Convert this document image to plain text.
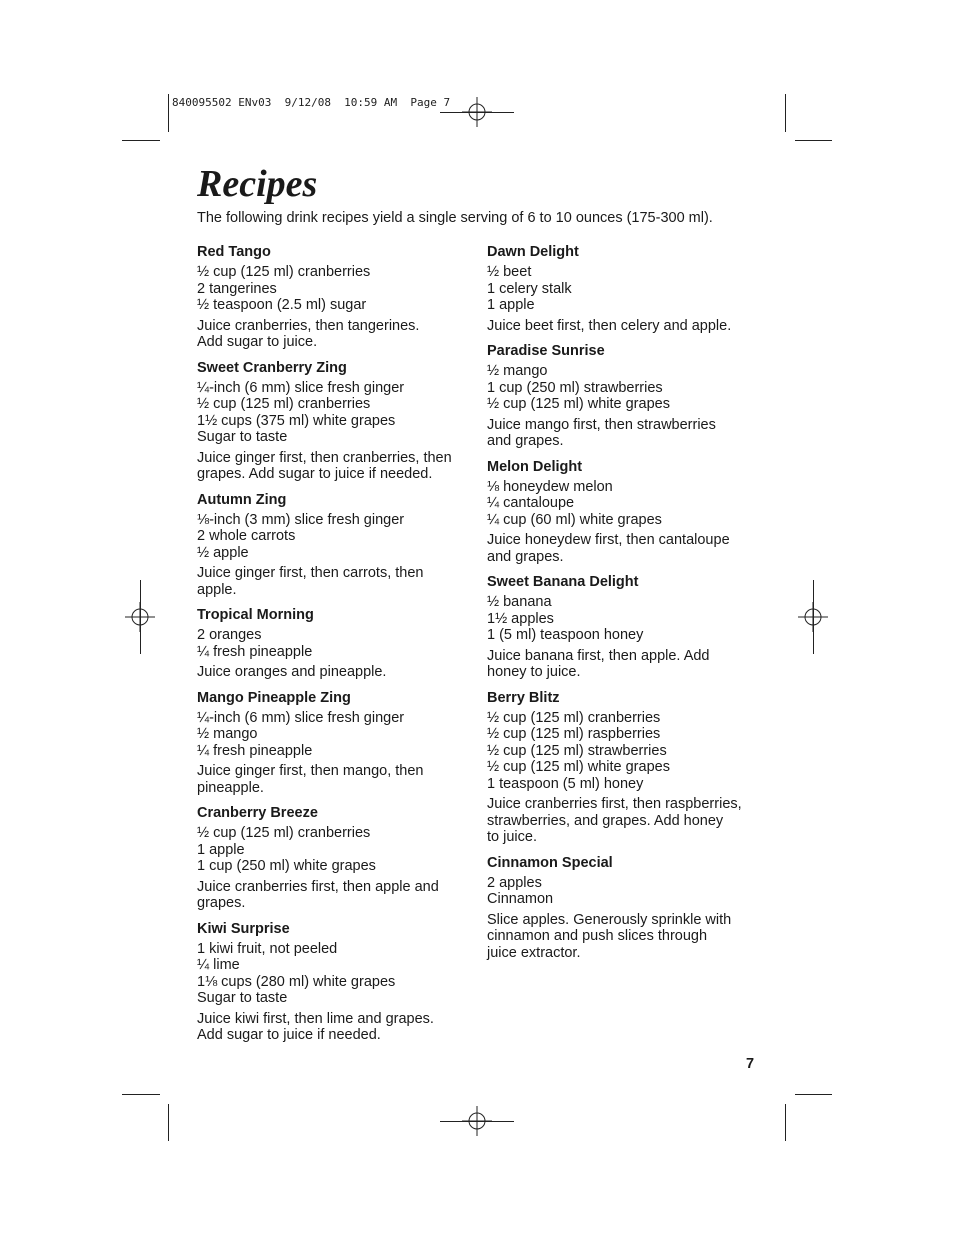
840095502 ENv03  9/12/08  10:59 AM  Page 7
Recipes

The following drink recipes yield a single serving of 6 to 10 ounces (175-300 ml).

Red Tango
½ cup (125 ml) cranberries
2 tangerines
½ teaspoon (2.5 ml) sugar
Juice cranberries, then tangerines.
Add sugar to juice.
Sweet Cranberry Zing
¼-inch (6 mm) slice fresh ginger
½ cup (125 ml) cranberries
1½ cups (375 ml) white grapes
Sugar to taste
Juice ginger first, then cranberries, then
grapes. Add sugar to juice if needed.
Autumn Zing
⅛-inch (3 mm) slice fresh ginger
2 whole carrots
½ apple
Juice ginger first, then carrots, then
apple.
Tropical Morning
2 oranges
¼ fresh pineapple
Juice oranges and pineapple.
Mango Pineapple Zing
¼-inch (6 mm) slice fresh ginger
½ mango
¼ fresh pineapple
Juice ginger first, then mango, then
pineapple.
Cranberry Breeze
½ cup (125 ml) cranberries
1 apple
1 cup (250 ml) white grapes
Juice cranberries first, then apple and
grapes.
Kiwi Surprise
1 kiwi fruit, not peeled
¼ lime
1⅛ cups (280 ml) white grapes
Sugar to taste
Juice kiwi first, then lime and grapes.
Add sugar to juice if needed.
Dawn Delight
½ beet
1 celery stalk
1 apple
Juice beet first, then celery and apple.
Paradise Sunrise
½ mango
1 cup (250 ml) strawberries
½ cup (125 ml) white grapes
Juice mango first, then strawberries
and grapes.
Melon Delight
⅛ honeydew melon
¼ cantaloupe
¼ cup (60 ml) white grapes
Juice honeydew first, then cantaloupe
and grapes.
Sweet Banana Delight
½ banana
1½ apples
1 (5 ml) teaspoon honey
Juice banana first, then apple. Add
honey to juice.
Berry Blitz
½ cup (125 ml) cranberries
½ cup (125 ml) raspberries
½ cup (125 ml) strawberries
½ cup (125 ml) white grapes
1 teaspoon (5 ml) honey
Juice cranberries first, then raspberries,
strawberries, and grapes. Add honey
to juice.
Cinnamon Special
2 apples
Cinnamon
Slice apples. Generously sprinkle with
cinnamon and push slices through
juice extractor.
7
